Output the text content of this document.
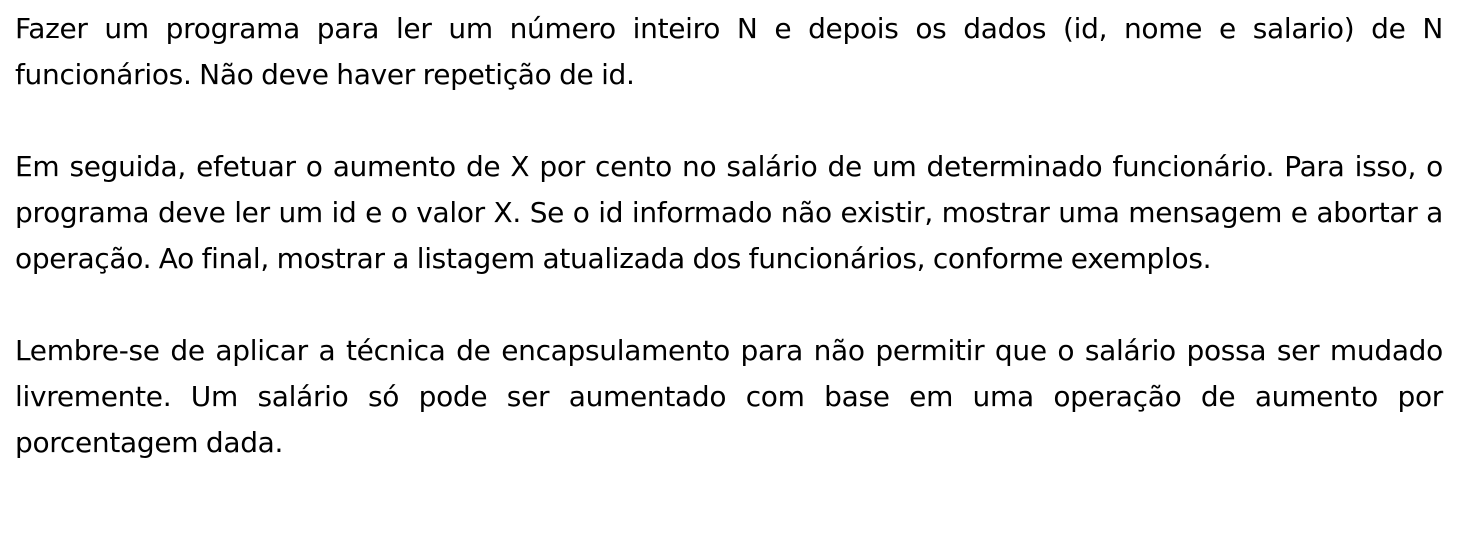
Fazer um programa para ler um número inteiro N e depois os dados (id, nome e salario) de N funcionários. Não deve haver repetição de id.

Em seguida, efetuar o aumento de X por cento no salário de um determinado funcionário. Para isso, o programa deve ler um id e o valor X. Se o id informado não existir, mostrar uma mensagem e abortar a operação. Ao final, mostrar a listagem atualizada dos funcionários, conforme exemplos.

Lembre-se de aplicar a técnica de encapsulamento para não permitir que o salário possa ser mudado livremente. Um salário só pode ser aumentado com base em uma operação de aumento por porcentagem dada.
